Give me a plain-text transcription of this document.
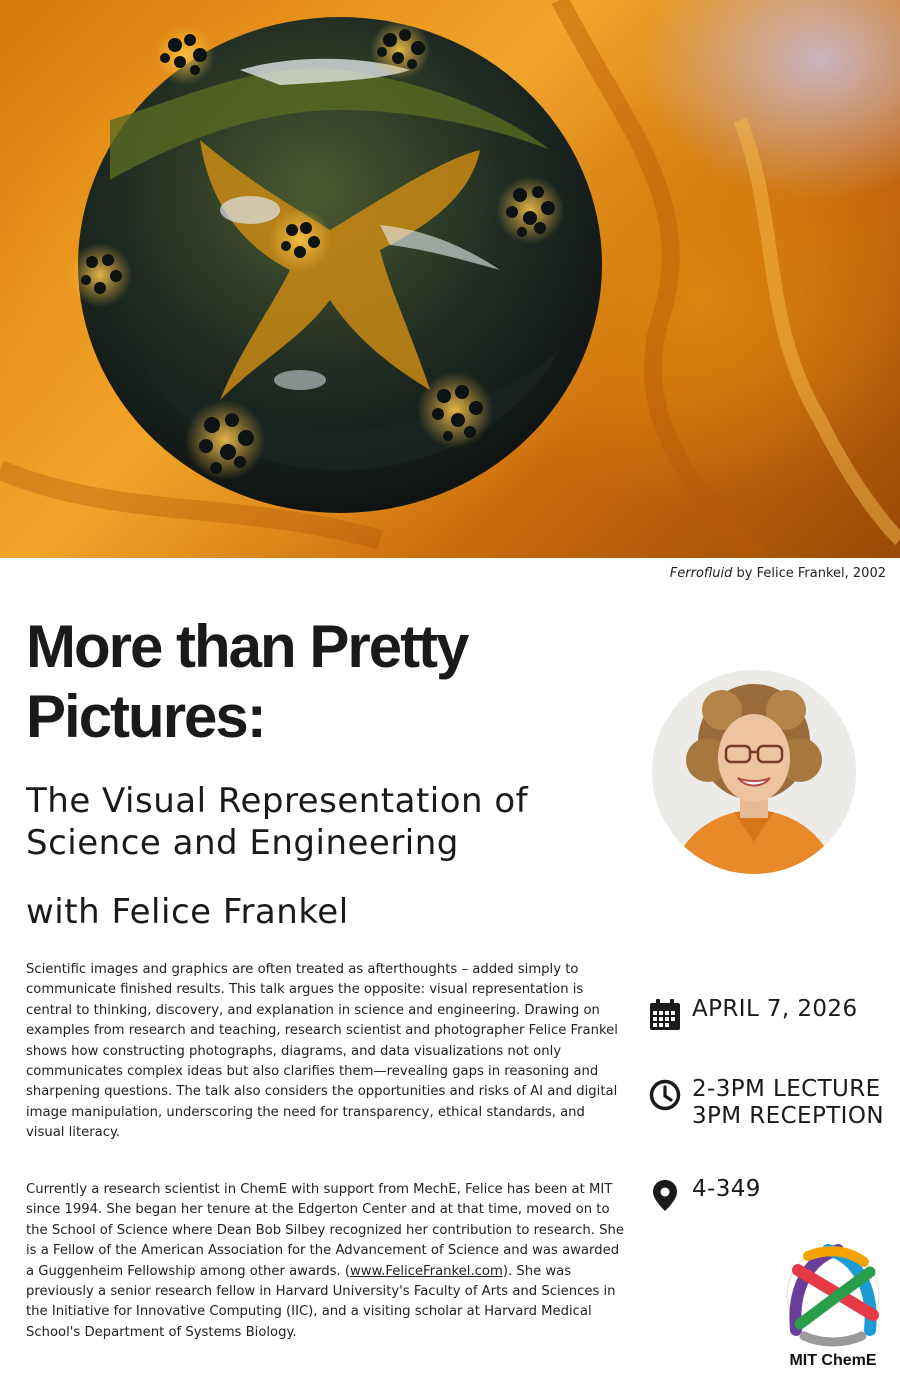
Ferrofluid by Felice Frankel, 2002
More than Pretty Pictures:
The Visual Representation of Science and Engineering

with Felice Frankel

Scientific images and graphics are often treated as afterthoughts – added simply to communicate finished results. This talk argues the opposite: visual representation is central to thinking, discovery, and explanation in science and engineering. Drawing on examples from research and teaching, research scientist and photographer Felice Frankel shows how constructing photographs, diagrams, and data visualizations not only communicates complex ideas but also clarifies them—revealing gaps in reasoning and sharpening questions. The talk also considers the opportunities and risks of AI and digital image manipulation, underscoring the need for transparency, ethical standards, and visual literacy.

Currently a research scientist in ChemE with support from MechE, Felice has been at MIT since 1994. She began her tenure at the Edgerton Center and at that time, moved on to the School of Science where Dean Bob Silbey recognized her contribution to research. She is a Fellow of the American Association for the Advancement of Science and was awarded a Guggenheim Fellowship among other awards. (www.FeliceFrankel.com). She was previously a senior research fellow in Harvard University's Faculty of Arts and Sciences in the Initiative for Innovative Computing (IIC), and a visiting scholar at Harvard Medical School's Department of Systems Biology.

APRIL 7, 2026
2-3PM LECTURE
3PM RECEPTION
4-349
MIT ChemE
